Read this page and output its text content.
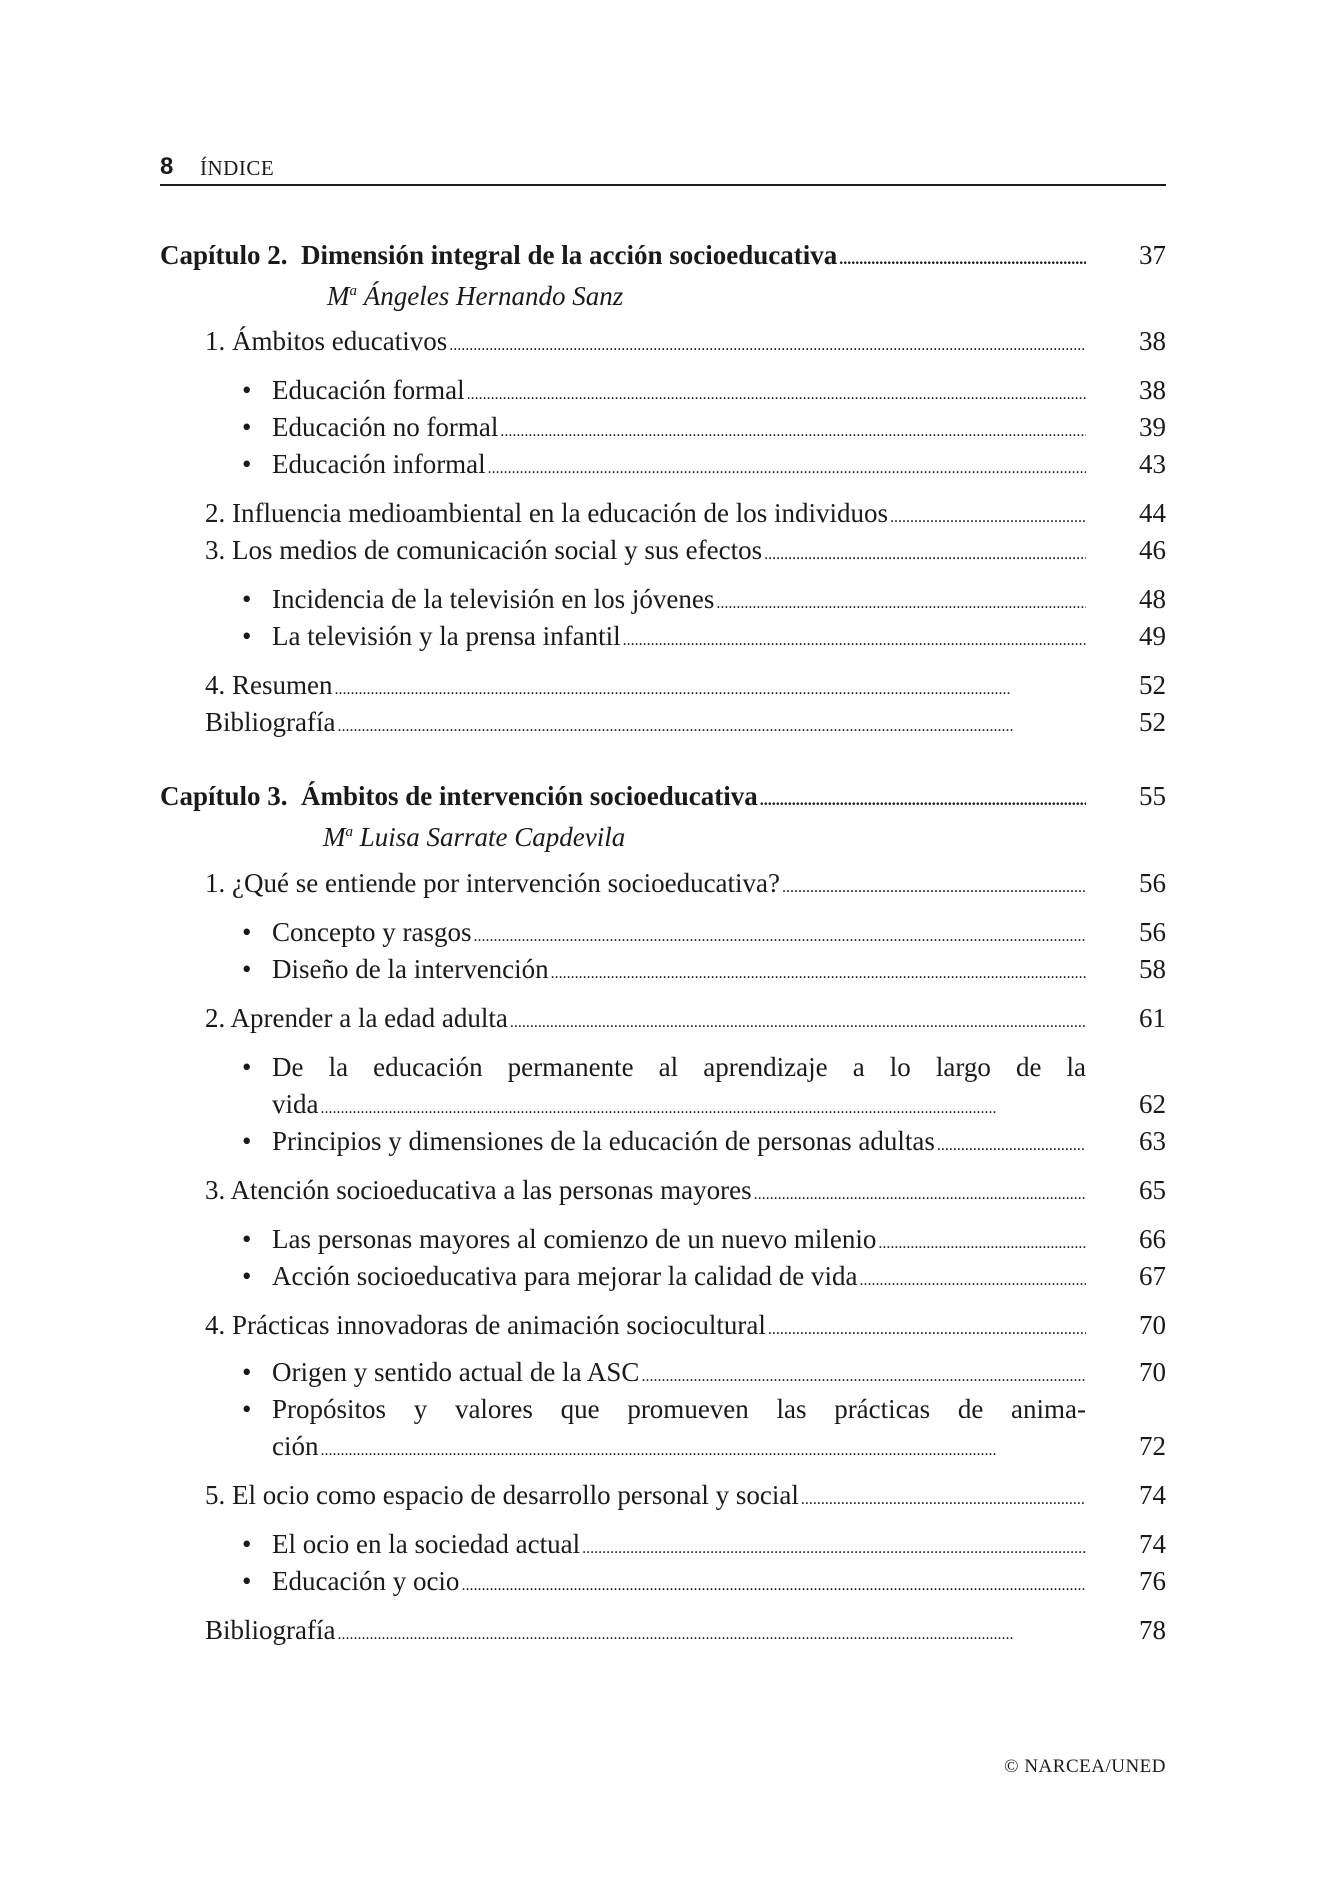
8 ÍNDICE
Capítulo 2. Dimensión integral de la acción socioeducativa . . .	37
$M^a$ Ángeles Hernando Sanz
1. Ámbitos educativos . . .	38
• Educación formal . . .	38
• Educación no formal . . .	39
• Educación informal . . .	43
2. Influencia medioambiental en la educación de los individuos . . .	44
3. Los medios de comunicación social y sus efectos . . .	46
• Incidencia de la televisión en los jóvenes . . .	48
• La televisión y la prensa infantil . . .	49
4. Resumen . . .	52
Bibliografía . . .	52
Capítulo 3. Ámbitos de intervención socioeducativa . . .	55
$M^a$ Luisa Sarrate Capdevila
1. ¿Qué se entiende por intervención socioeducativa? . . .	56
• Concepto y rasgos . . .	56
• Diseño de la intervención . . .	58
2. Aprender a la edad adulta . . .	61
• De la educación permanente al aprendizaje a lo largo de la
vida . . .	62
• Principios y dimensiones de la educación de personas adultas . . .	63
3. Atención socioeducativa a las personas mayores . . .	65
• Las personas mayores al comienzo de un nuevo milenio . . .	66
• Acción socioeducativa para mejorar la calidad de vida . . .	67
4. Prácticas innovadoras de animación sociocultural . . .	70
• Origen y sentido actual de la ASC . . .	70
• Propósitos y valores que promueven las prácticas de anima-
ción . . .	72
5. El ocio como espacio de desarrollo personal y social . . .	74
• El ocio en la sociedad actual . . .	74
• Educación y ocio . . .	76
Bibliografía . . .	78
© NARCEA/UNED
